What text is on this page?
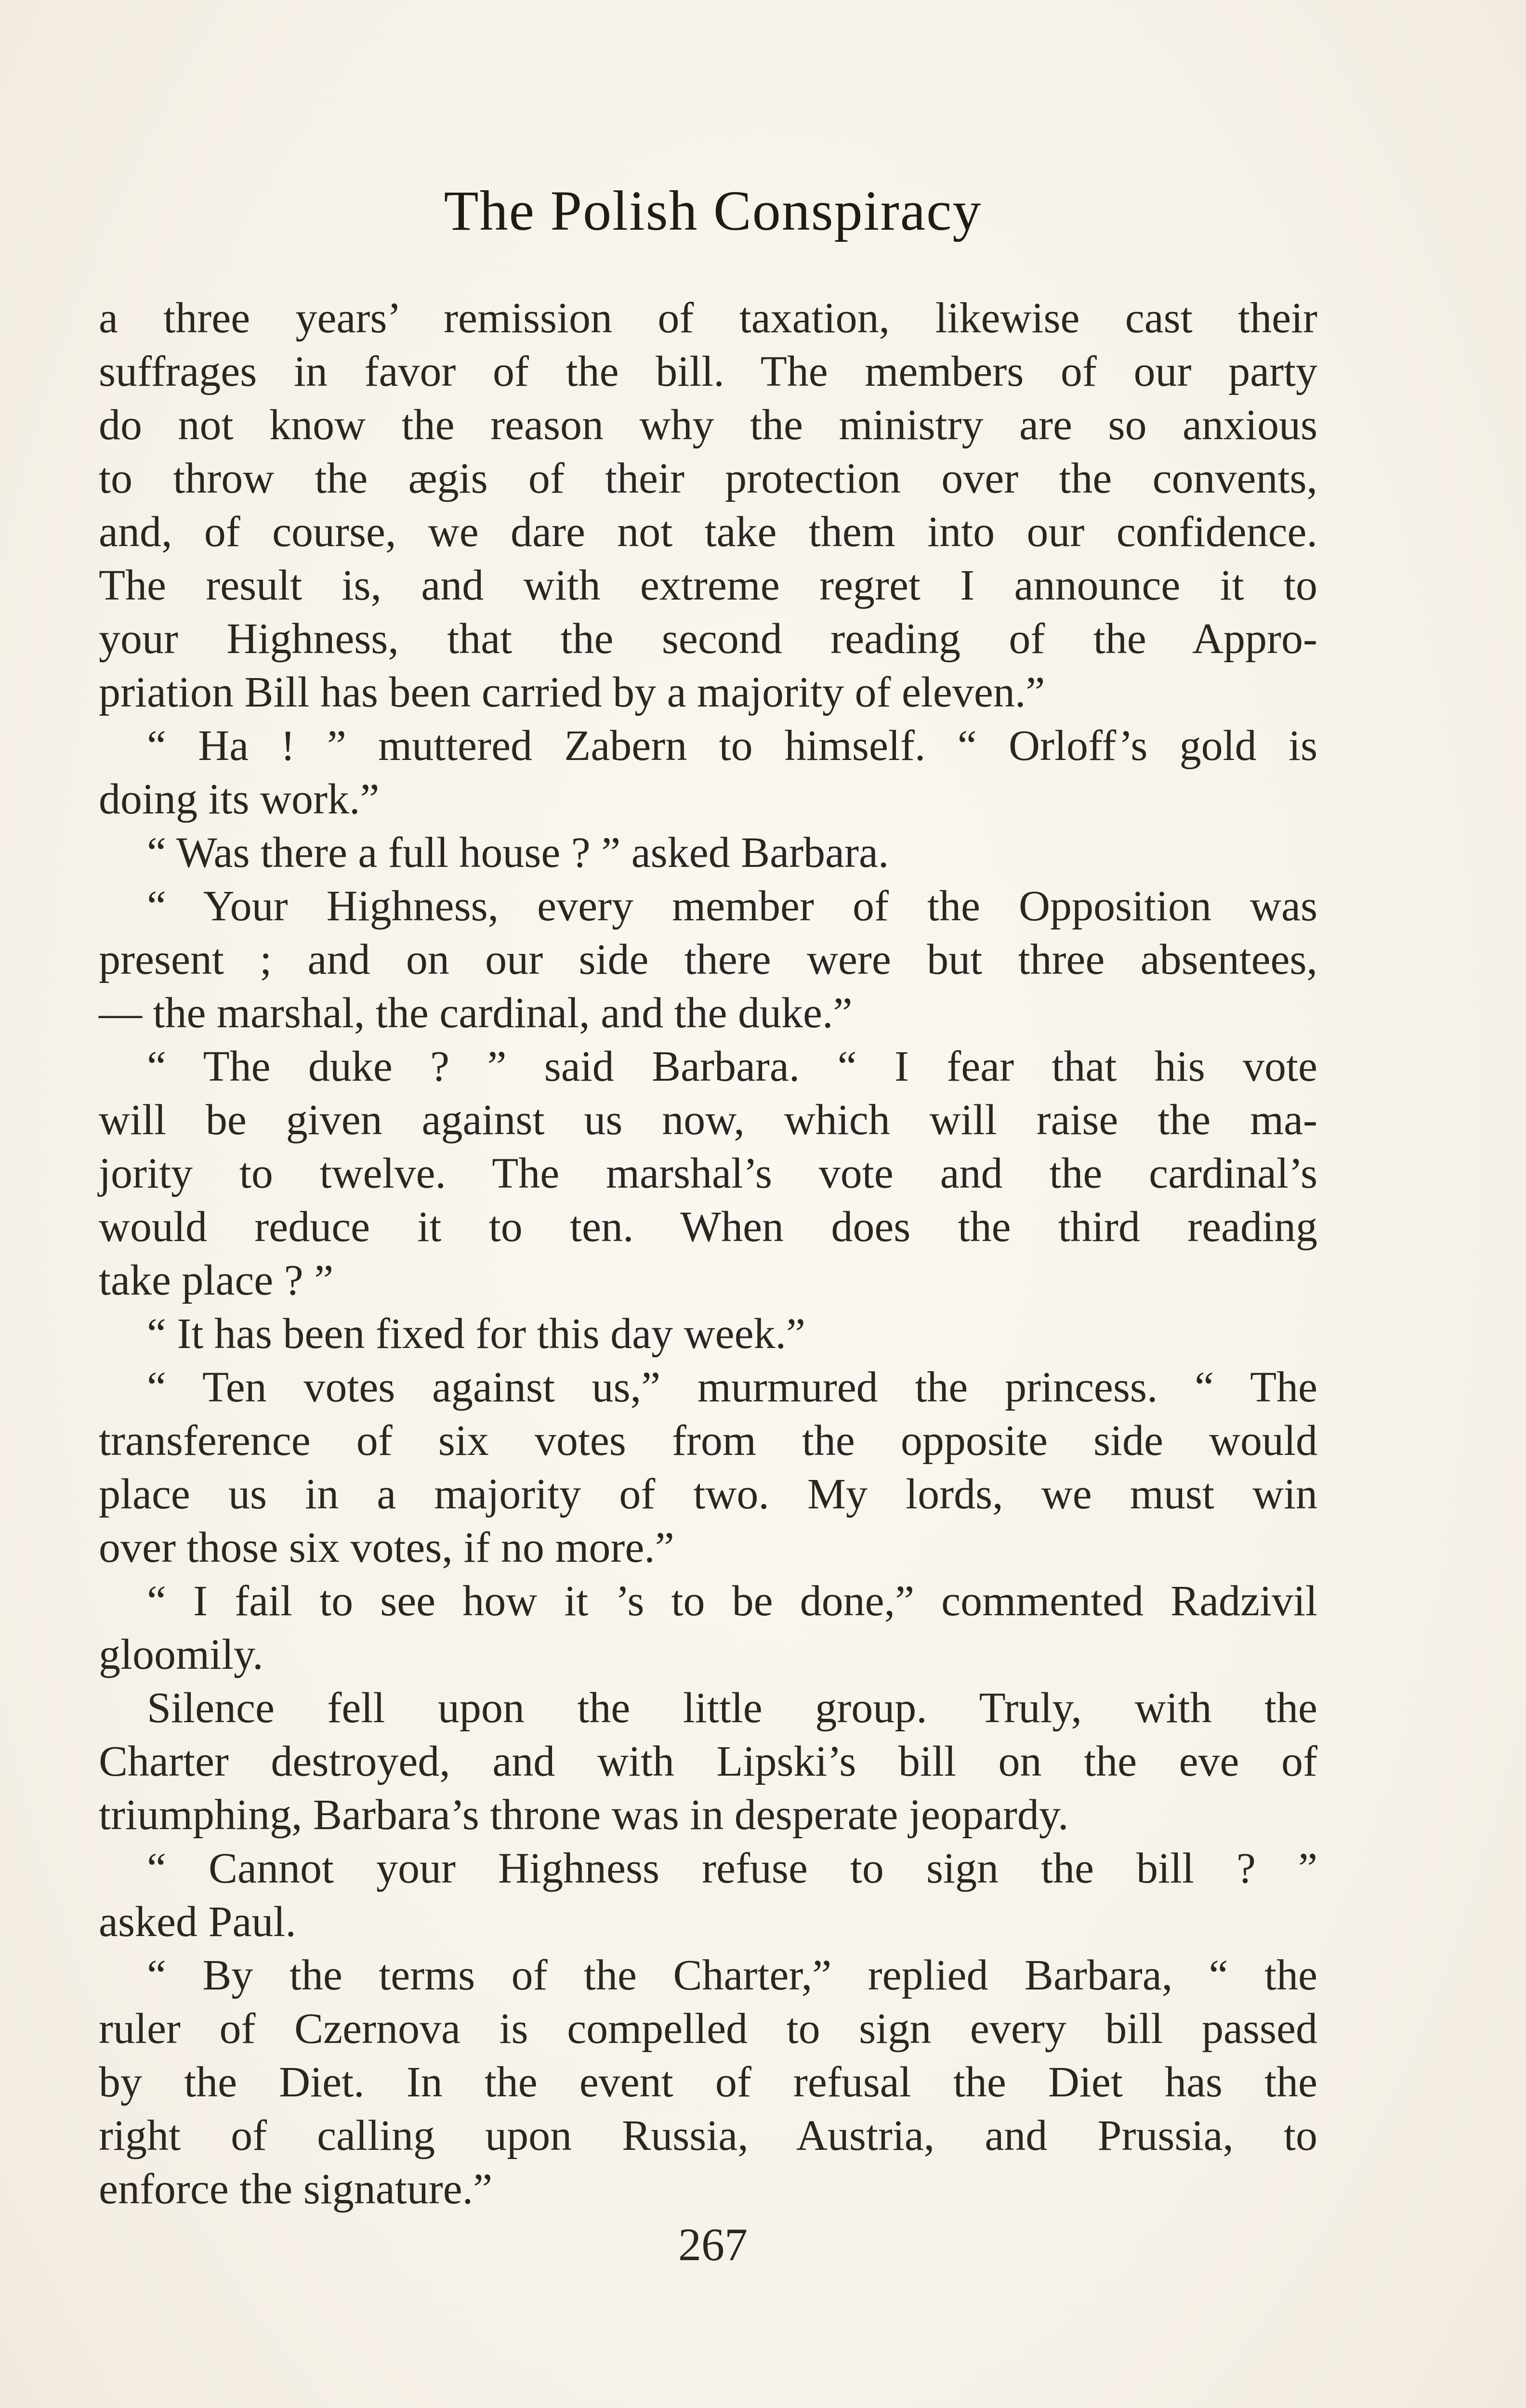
The Polish Conspiracy
a three years’ remission of taxation, likewise cast their
suffrages in favor of the bill. The members of our party
do not know the reason why the ministry are so anxious
to throw the ægis of their protection over the convents,
and, of course, we dare not take them into our confidence.
The result is, and with extreme regret I announce it to
your Highness, that the second reading of the Appro-
priation Bill has been carried by a majority of eleven.”
“ Ha ! ” muttered Zabern to himself. “ Orloff’s gold is
doing its work.”
“ Was there a full house ? ” asked Barbara.
“ Your Highness, every member of the Opposition was
present ; and on our side there were but three absentees,
— the marshal, the cardinal, and the duke.”
“ The duke ? ” said Barbara. “ I fear that his vote
will be given against us now, which will raise the ma-
jority to twelve. The marshal’s vote and the cardinal’s
would reduce it to ten. When does the third reading
take place ? ”
“ It has been fixed for this day week.”
“ Ten votes against us,” murmured the princess. “ The
transference of six votes from the opposite side would
place us in a majority of two. My lords, we must win
over those six votes, if no more.”
“ I fail to see how it ’s to be done,” commented Radzivil
gloomily.
Silence fell upon the little group. Truly, with the
Charter destroyed, and with Lipski’s bill on the eve of
triumphing, Barbara’s throne was in desperate jeopardy.
“ Cannot your Highness refuse to sign the bill ? ”
asked Paul.
“ By the terms of the Charter,” replied Barbara, “ the
ruler of Czernova is compelled to sign every bill passed
by the Diet. In the event of refusal the Diet has the
right of calling upon Russia, Austria, and Prussia, to
enforce the signature.”
267
